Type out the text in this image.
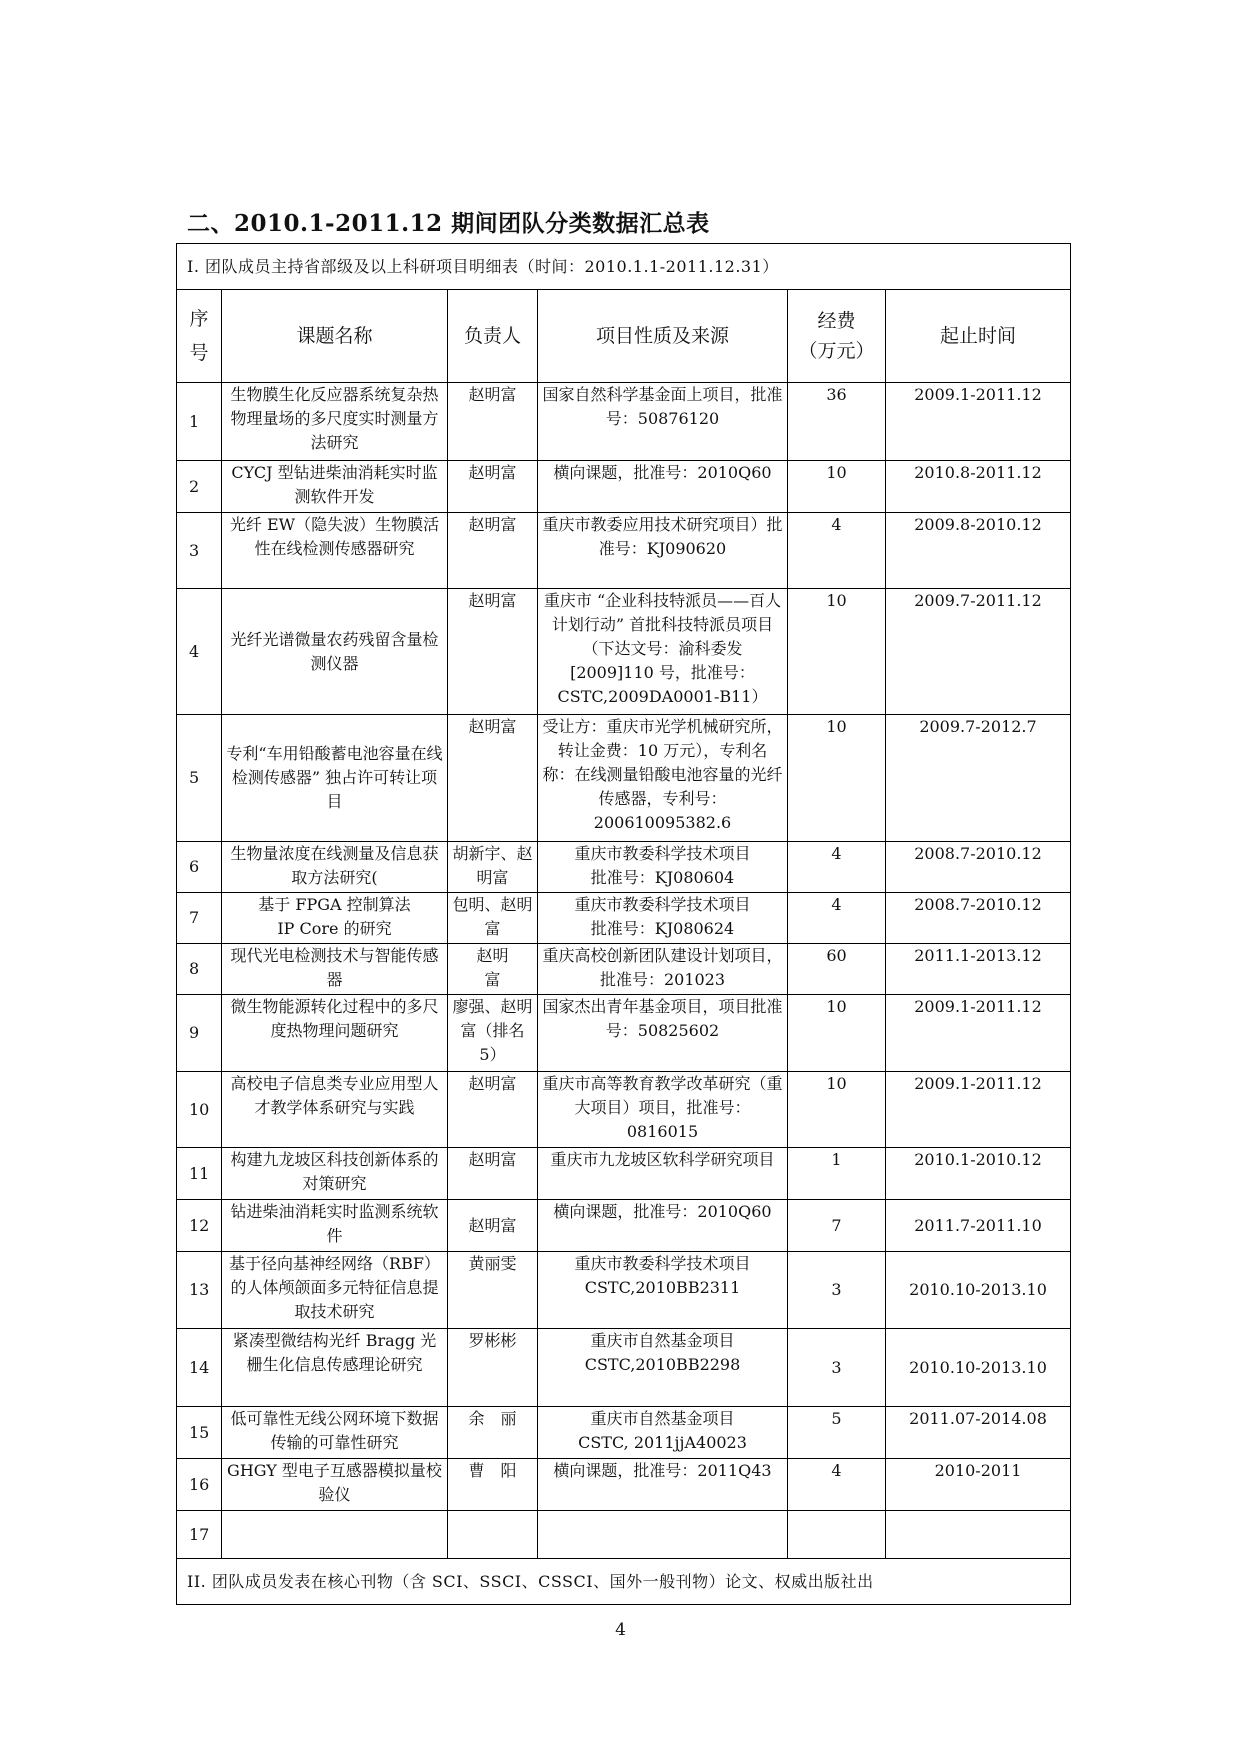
二、2010.1-2011.12 期间团队分类数据汇总表
I. 团队成员主持省部级及以上科研项目明细表（时间：2010.1.1-2011.12.31）					
序
号	课题名称	负责人	项目性质及来源	经费
（万元）	起止时间
1	生物膜生化反应器系统复杂热物理量场的多尺度实时测量方法研究	赵明富	国家自然科学基金面上项目，批准号：50876120	36	2009.1-2011.12
2	CYCJ 型钻进柴油消耗实时监测软件开发	赵明富	横向课题，批准号：2010Q60	10	2010.8-2011.12
3	光纤 EW（隐失波）生物膜活性在线检测传感器研究	赵明富	重庆市教委应用技术研究项目）批准号：KJ090620	4	2009.8-2010.12
4	光纤光谱微量农药残留含量检测仪器	赵明富	重庆市 “企业科技特派员——百人计划行动” 首批科技特派员项目（下达文号：渝科委发[2009]110 号，批准号：CSTC,2009DA0001-B11）	10	2009.7-2011.12
5	专利“车用铅酸蓄电池容量在线检测传感器” 独占许可转让项目	赵明富	受让方：重庆市光学机械研究所，转让金费：10 万元），专利名称：在线测量铅酸电池容量的光纤传感器，专利号：200610095382.6	10	2009.7-2012.7
6	生物量浓度在线测量及信息获取方法研究(	胡新宇、赵明富	重庆市教委科学技术项目
批准号：KJ080604	4	2008.7-2010.12
7	基于 FPGA 控制算法
IP Core 的研究	包明、赵明富	重庆市教委科学技术项目
批准号：KJ080624	4	2008.7-2010.12
8	现代光电检测技术与智能传感器	赵明
富	重庆高校创新团队建设计划项目，批准号：201023	60	2011.1-2013.12
9	微生物能源转化过程中的多尺度热物理问题研究	廖强、赵明富（排名 5）	国家杰出青年基金项目，项目批准号：50825602	10	2009.1-2011.12
10	高校电子信息类专业应用型人才教学体系研究与实践	赵明富	重庆市高等教育教学改革研究（重大项目）项目，批准号：0816015	10	2009.1-2011.12
11	构建九龙坡区科技创新体系的对策研究	赵明富	重庆市九龙坡区软科学研究项目	1	2010.1-2010.12
12	钻进柴油消耗实时监测系统软件	赵明富	横向课题，批准号：2010Q60	7	2011.7-2011.10
13	基于径向基神经网络（RBF）的人体颅颌面多元特征信息提取技术研究	黄丽雯	重庆市教委科学技术项目
CSTC,2010BB2311	3	2010.10-2013.10
14	紧凑型微结构光纤 Bragg 光栅生化信息传感理论研究	罗彬彬	重庆市自然基金项目
CSTC,2010BB2298	3	2010.10-2013.10
15	低可靠性无线公网环境下数据传输的可靠性研究	余　丽	重庆市自然基金项目
CSTC, 2011jjA40023	5	2011.07-2014.08
16	GHGY 型电子互感器模拟量校验仪	曹　阳	横向课题，批准号：2011Q43	4	2010-2011
17					
II. 团队成员发表在核心刊物（含 SCI、SSCI、CSSCI、国外一般刊物）论文、权威出版社出					
4
